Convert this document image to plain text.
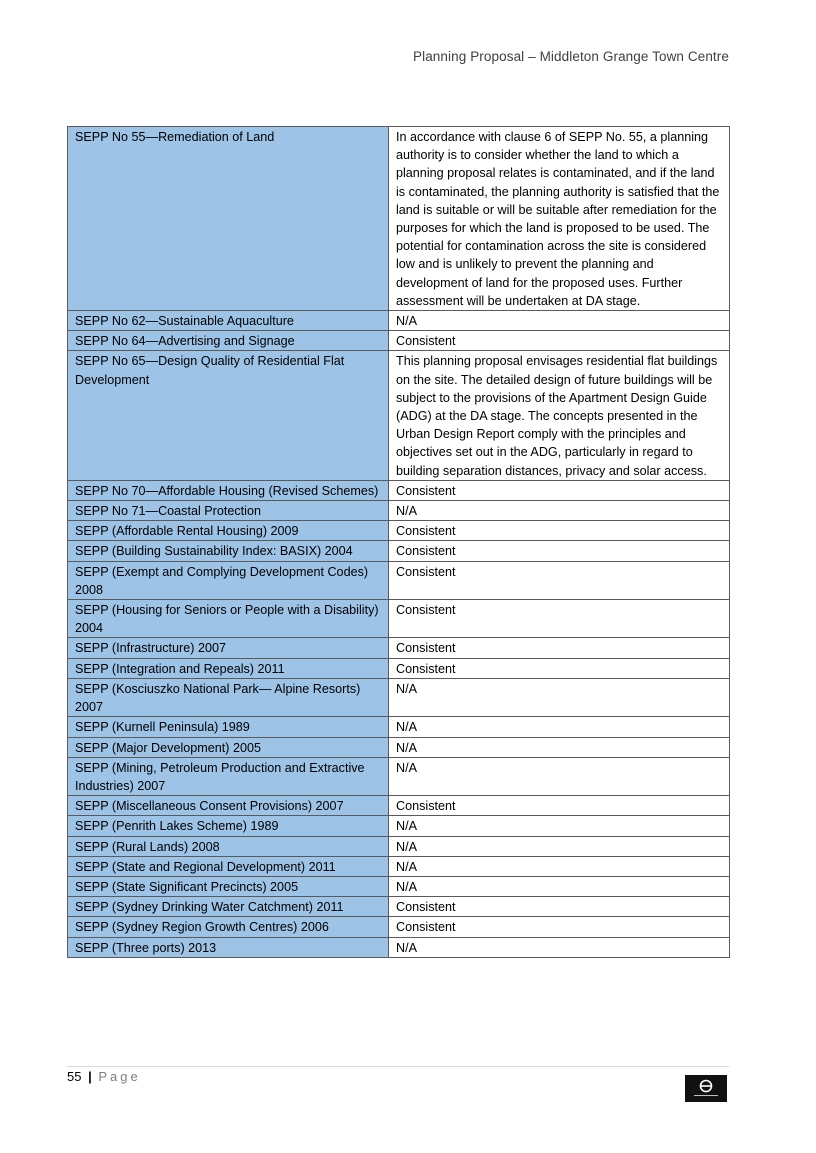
Planning Proposal – Middleton Grange Town Centre
SEPP No 55—Remediation of Land	In accordance with clause 6 of SEPP No. 55, a planning authority is to consider whether the land to which a planning proposal relates is contaminated, and if the land is contaminated, the planning authority is satisfied that the land is suitable or will be suitable after remediation for the purposes for which the land is proposed to be used. The potential for contamination across the site is considered low and is unlikely to prevent the planning and development of land for the proposed uses. Further assessment will be undertaken at DA stage.
SEPP No 62—Sustainable Aquaculture	N/A
SEPP No 64—Advertising and Signage	Consistent
SEPP No 65—Design Quality of Residential Flat Development	This planning proposal envisages residential flat buildings on the site. The detailed design of future buildings will be subject to the provisions of the Apartment Design Guide (ADG) at the DA stage. The concepts presented in the Urban Design Report comply with the principles and objectives set out in the ADG, particularly in regard to building separation distances, privacy and solar access.
SEPP No 70—Affordable Housing (Revised Schemes)	Consistent
SEPP No 71—Coastal Protection	N/A
SEPP (Affordable Rental Housing) 2009	Consistent
SEPP (Building Sustainability Index: BASIX) 2004	Consistent
SEPP (Exempt and Complying Development Codes) 2008	Consistent
SEPP (Housing for Seniors or People with a Disability) 2004	Consistent
SEPP (Infrastructure) 2007	Consistent
SEPP (Integration and Repeals) 2011	Consistent
SEPP (Kosciuszko National Park— Alpine Resorts) 2007	N/A
SEPP (Kurnell Peninsula) 1989	N/A
SEPP (Major Development) 2005	N/A
SEPP (Mining, Petroleum Production and Extractive Industries) 2007	N/A
SEPP (Miscellaneous Consent Provisions) 2007	Consistent
SEPP (Penrith Lakes Scheme) 1989	N/A
SEPP (Rural Lands) 2008	N/A
SEPP (State and Regional Development) 2011	N/A
SEPP (State Significant Precincts) 2005	N/A
SEPP (Sydney Drinking Water Catchment) 2011	Consistent
SEPP (Sydney Region Growth Centres) 2006	Consistent
SEPP (Three ports) 2013	N/A
55 | Page
